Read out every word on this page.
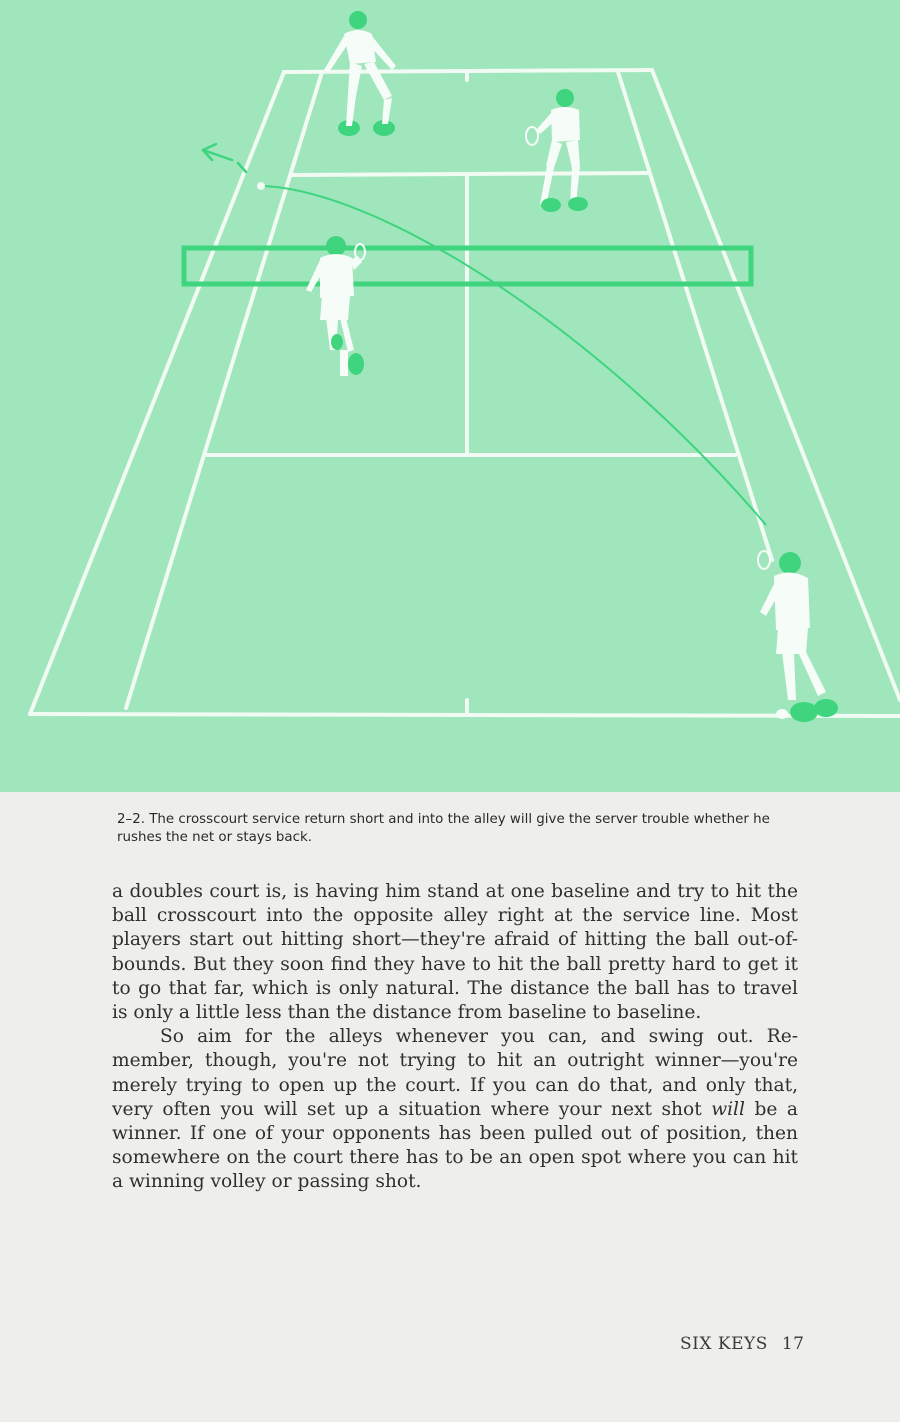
2–2. The crosscourt service return short and into the alley will give the server trouble whether he rushes the net or stays back.

a doubles court is, is having him stand at one baseline and try to hit the ball crosscourt into the opposite alley right at the service line. Most players start out hitting short—they're afraid of hitting the ball out-of-bounds. But they soon find they have to hit the ball pretty hard to get it to go that far, which is only natural. The distance the ball has to travel is only a little less than the distance from baseline to baseline.

So aim for the alleys whenever you can, and swing out. Re-member, though, you're not trying to hit an outright winner—you're merely trying to open up the court. If you can do that, and only that, very often you will set up a situation where your next shot will be a winner. If one of your opponents has been pulled out of position, then somewhere on the court there has to be an open spot where you can hit a winning volley or passing shot.

SIX KEYS 17
